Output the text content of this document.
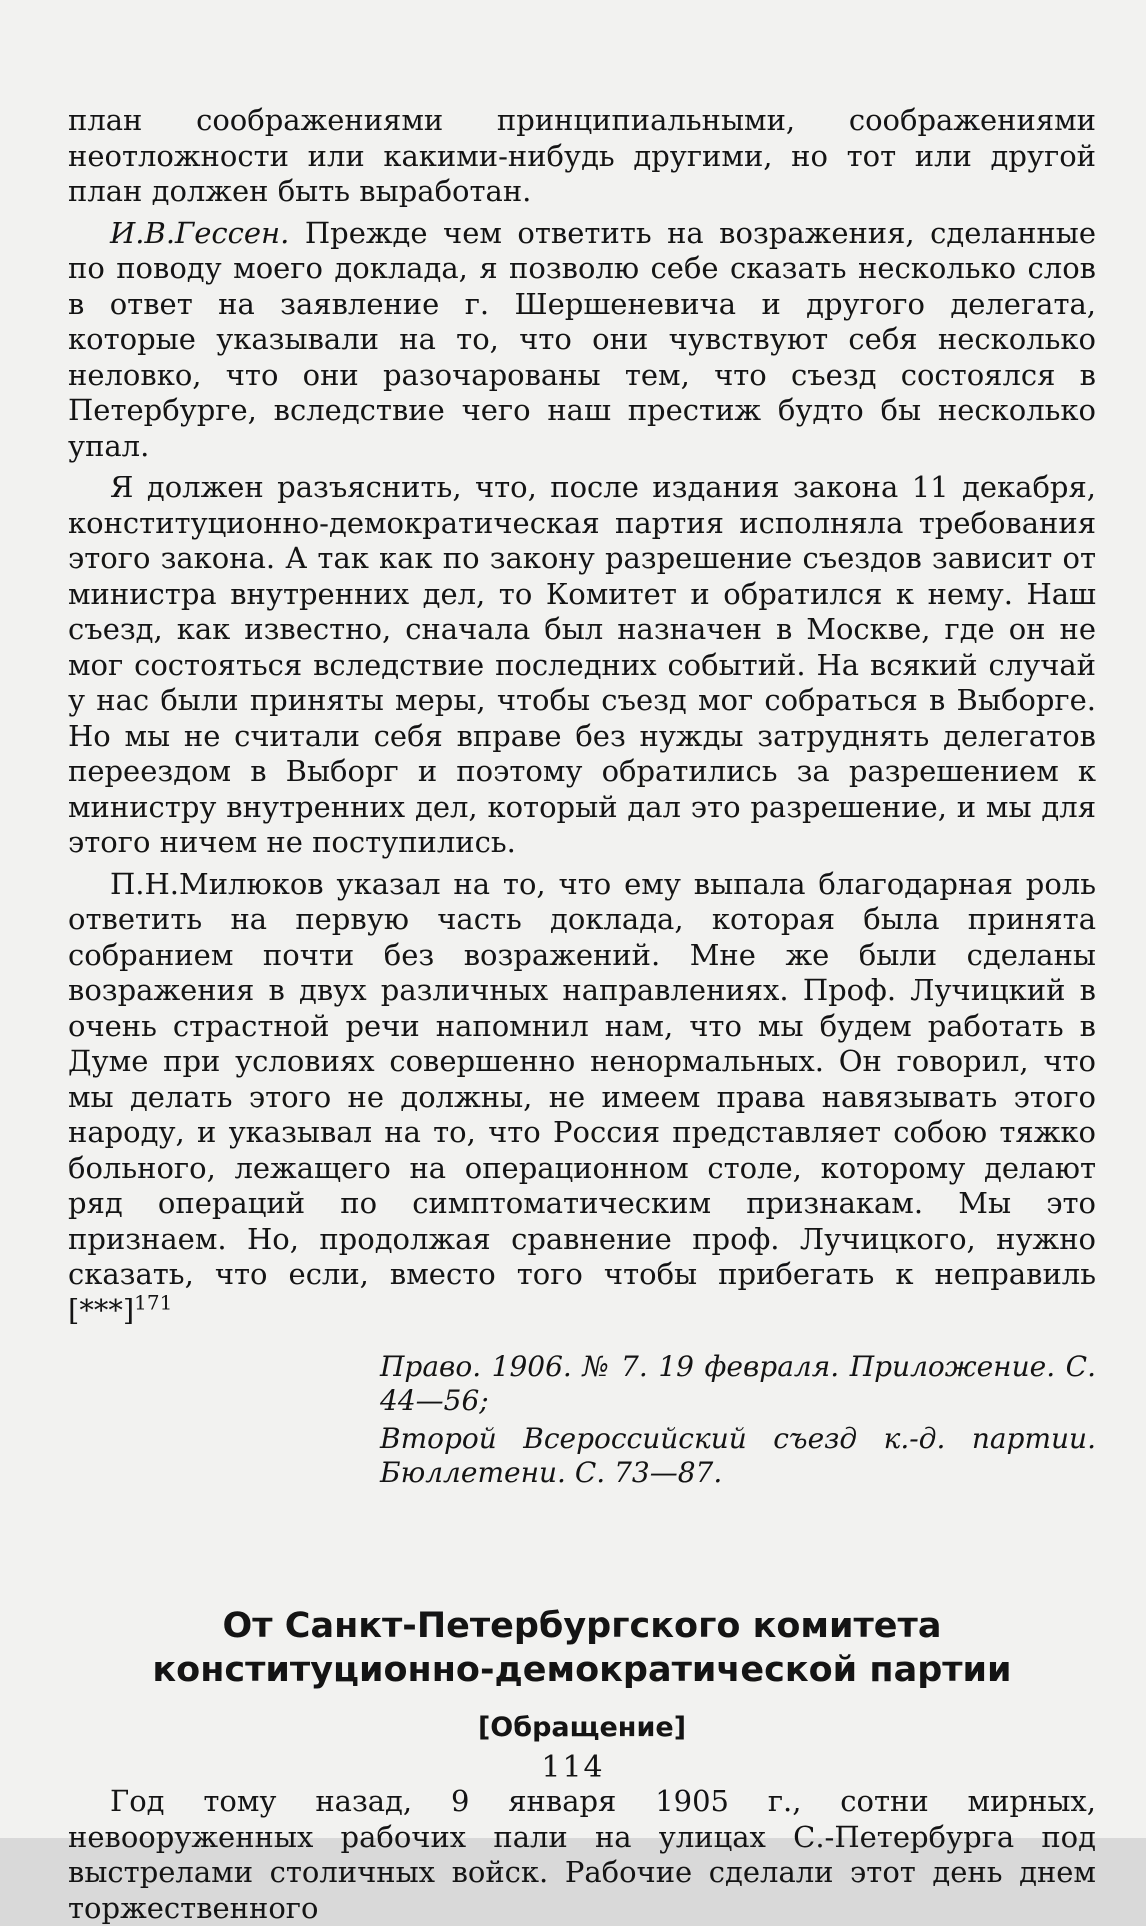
план соображениями принципиальными, соображениями неотложности или какими-нибудь другими, но тот или другой план должен быть выработан.

И.В.Гессен. Прежде чем ответить на возражения, сделанные по поводу моего доклада, я позволю себе сказать несколько слов в ответ на заявление г. Шершеневича и другого делегата, которые указывали на то, что они чувствуют себя несколько неловко, что они разочарованы тем, что съезд состоялся в Петербурге, вследствие чего наш престиж будто бы несколько упал.

Я должен разъяснить, что, после издания закона 11 декабря, конституционно-демократическая партия исполняла требования этого закона. А так как по закону разрешение съездов зависит от министра внутренних дел, то Комитет и обратился к нему. Наш съезд, как известно, сначала был назначен в Москве, где он не мог состояться вследствие последних событий. На всякий случай у нас были приняты меры, чтобы съезд мог собраться в Выборге. Но мы не считали себя вправе без нужды затруднять делегатов переездом в Выборг и поэтому обратились за разрешением к министру внутренних дел, который дал это разрешение, и мы для этого ничем не поступились.

П.Н.Милюков указал на то, что ему выпала благодарная роль ответить на первую часть доклада, которая была принята собранием почти без возражений. Мне же были сделаны возражения в двух различных направлениях. Проф. Лучицкий в очень страстной речи напомнил нам, что мы будем работать в Думе при условиях совершенно ненормальных. Он говорил, что мы делать этого не должны, не имеем права навязывать этого народу, и указывал на то, что Россия представляет собою тяжко больного, лежащего на операционном столе, которому делают ряд операций по симптоматическим признакам. Мы это признаем. Но, продолжая сравнение проф. Лучицкого, нужно сказать, что если, вместо того чтобы прибегать к неправиль $[***]^{171}$

Право. 1906. № 7. 19 февраля. Приложение. С. 44—56;
Второй Всероссийский съезд к.-д. партии. Бюллетени. С. 73—87.
От Санкт-Петербургского комитета конституционно-демократической партии
[Обращение]

Год тому назад, 9 января 1905 г., сотни мирных, невооруженных рабочих пали на улицах С.-Петербурга под выстрелами столичных войск. Рабочие сделали этот день днем торжественного

114
